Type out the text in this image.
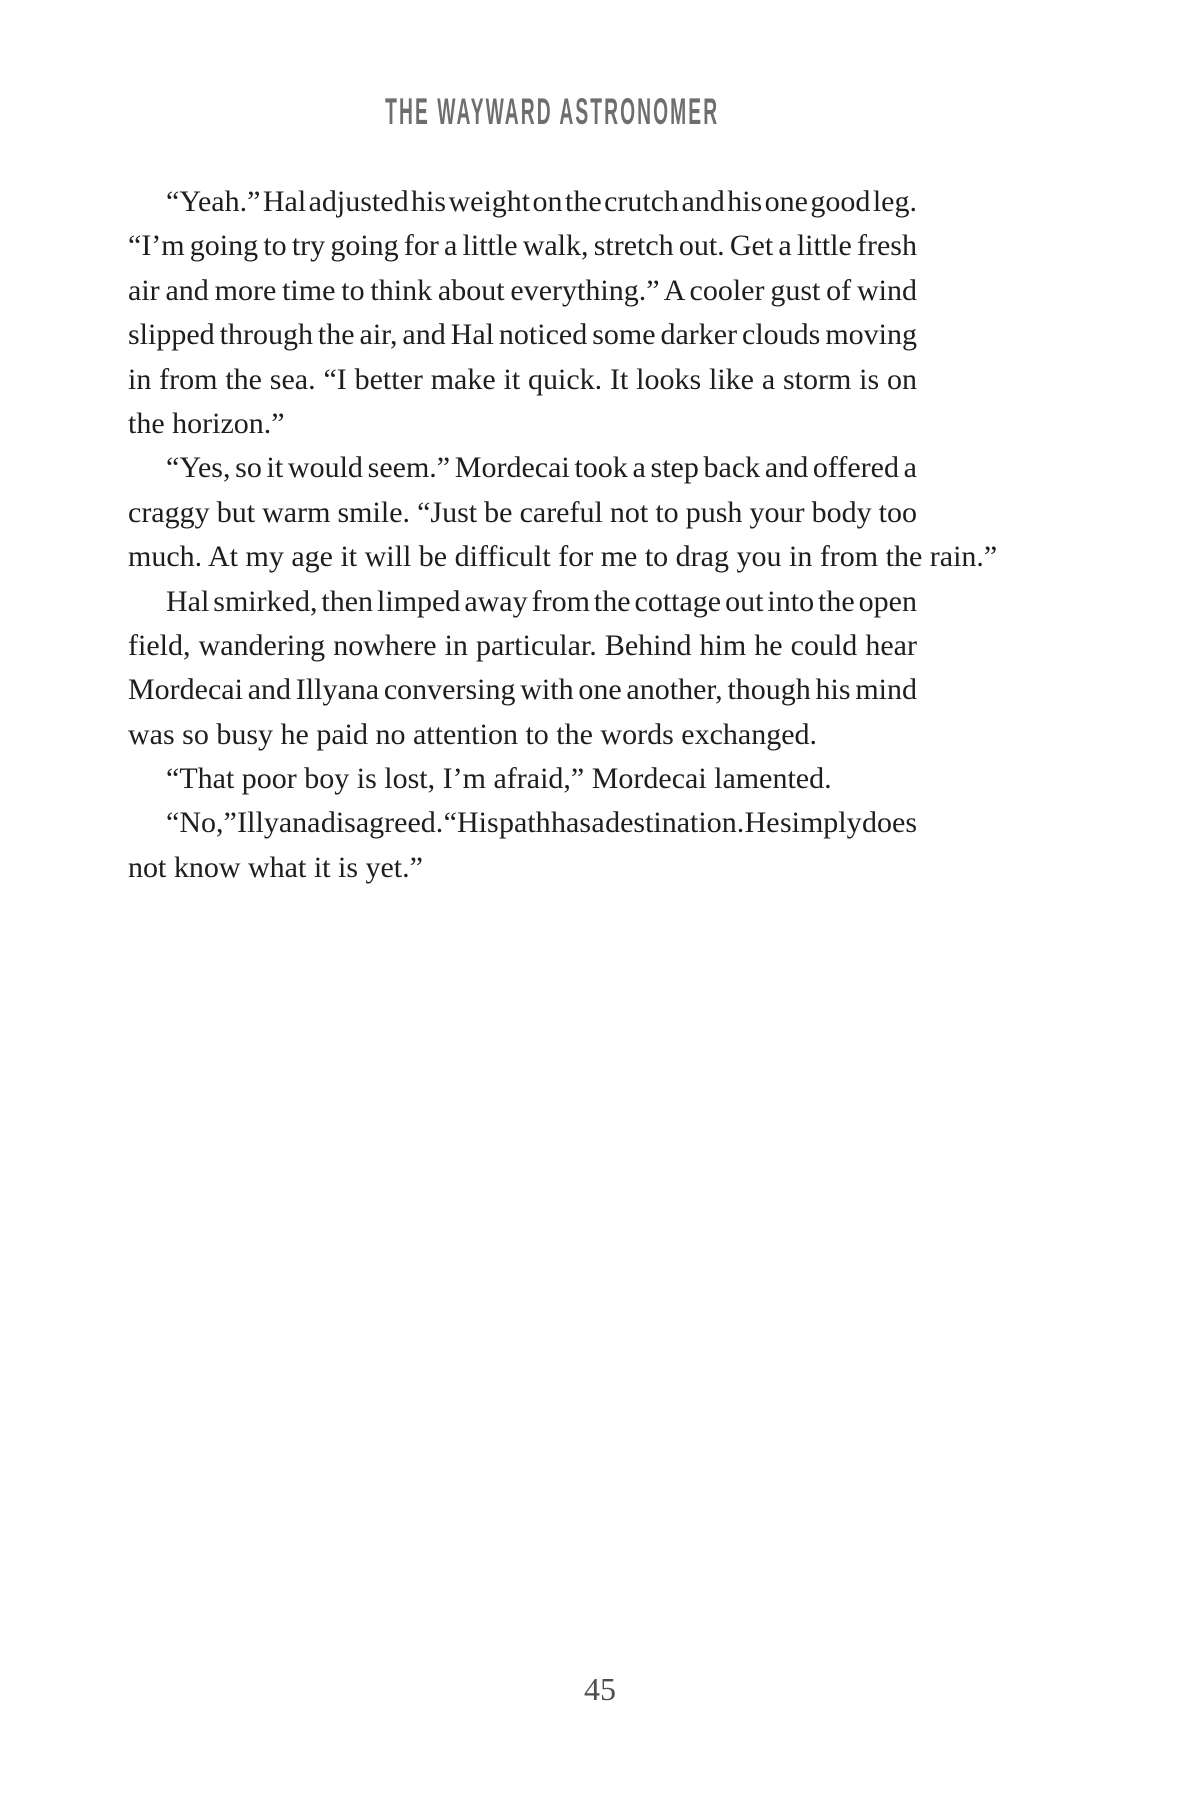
THE WAYWARD ASTRONOMER
“Yeah.” Hal adjusted his weight on the crutch and his one good leg.
“I’m going to try going for a little walk, stretch out. Get a little fresh
air and more time to think about everything.” A cooler gust of wind
slipped through the air, and Hal noticed some darker clouds moving
in from the sea. “I better make it quick. It looks like a storm is on
the horizon.”
“Yes, so it would seem.” Mordecai took a step back and offered a
craggy but warm smile. “Just be careful not to push your body too
much. At my age it will be difficult for me to drag you in from the rain.”
Hal smirked, then limped away from the cottage out into the open
field, wandering nowhere in particular. Behind him he could hear
Mordecai and Illyana conversing with one another, though his mind
was so busy he paid no attention to the words exchanged.
“That poor boy is lost, I’m afraid,” Mordecai lamented.
“No,” Illyana disagreed. “His path has a destination. He simply does
not know what it is yet.”
45
